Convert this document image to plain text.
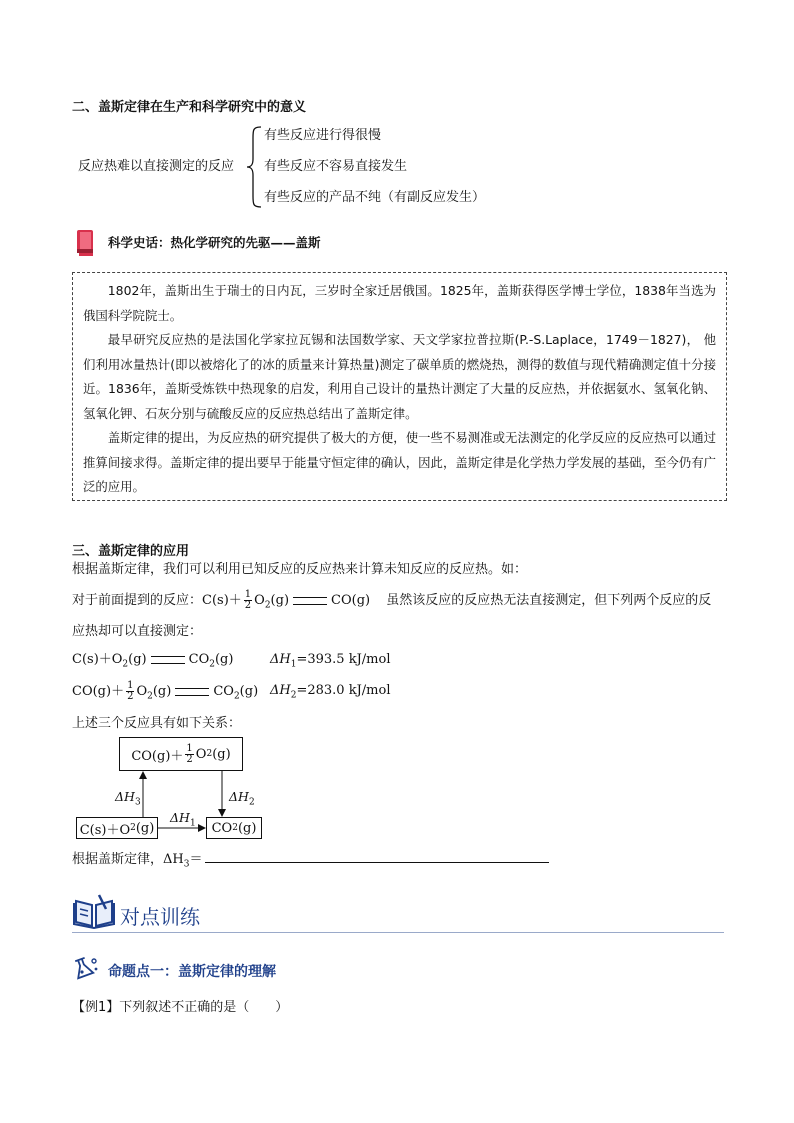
二、盖斯定律在生产和科学研究中的意义
反应热难以直接测定的反应
有些反应进行得很慢
有些反应不容易直接发生
有些反应的产品不纯（有副反应发生）
科学史话：热化学研究的先驱——盖斯

1802年，盖斯出生于瑞士的日内瓦，三岁时全家迁居俄国。1825年，盖斯获得医学博士学位，1838年当选为俄国科学院院士。

最早研究反应热的是法国化学家拉瓦锡和法国数学家、天文学家拉普拉斯(P.-S.Laplace，1749－1827)， 他们利用冰量热计(即以被熔化了的冰的质量来计算热量)测定了碳单质的燃烧热，测得的数值与现代精确测定值十分接近。1836年，盖斯受炼铁中热现象的启发，利用自己设计的量热计测定了大量的反应热，并依据氨水、氢氧化钠、氢氧化钾、石灰分别与硫酸反应的反应热总结出了盖斯定律。

盖斯定律的提出，为反应热的研究提供了极大的方便，使一些不易测准或无法测定的化学反应的反应热可以通过推算间接求得。盖斯定律的提出要早于能量守恒定律的确认，因此，盖斯定律是化学热力学发展的基础，至今仍有广泛的应用。

三、盖斯定律的应用
根据盖斯定律，我们可以利用已知反应的反应热来计算未知反应的反应热。如：
对于前面提到的反应：$C(s)+ \frac{1}{2} O_2(g)$	CO(g) 虽然该反应的反应热无法直接测定，但下列两个反应的反
应热却可以直接测定：
$C(s)+O_2(g)$	$CO_2(g)$	$\Delta H_1=393.5$ kJ/mol
$CO(g)+ \frac{1}{2} O_2(g)$	$CO_2(g)$ $\Delta H_2=283.0$ kJ/mol
上述三个反应具有如下关系：
$CO(g)+ \frac{1}{2}$ O 2 (g)
C(s)＋O 2 (g)	CO 2 (g)
$\Delta H_3$	$\Delta H_2$
$\Delta H_1$
根据盖斯定律，$\Delta H_3=$
对点训练
命题点一：盖斯定律的理解
【例1】下列叙述不正确的是（　　）
